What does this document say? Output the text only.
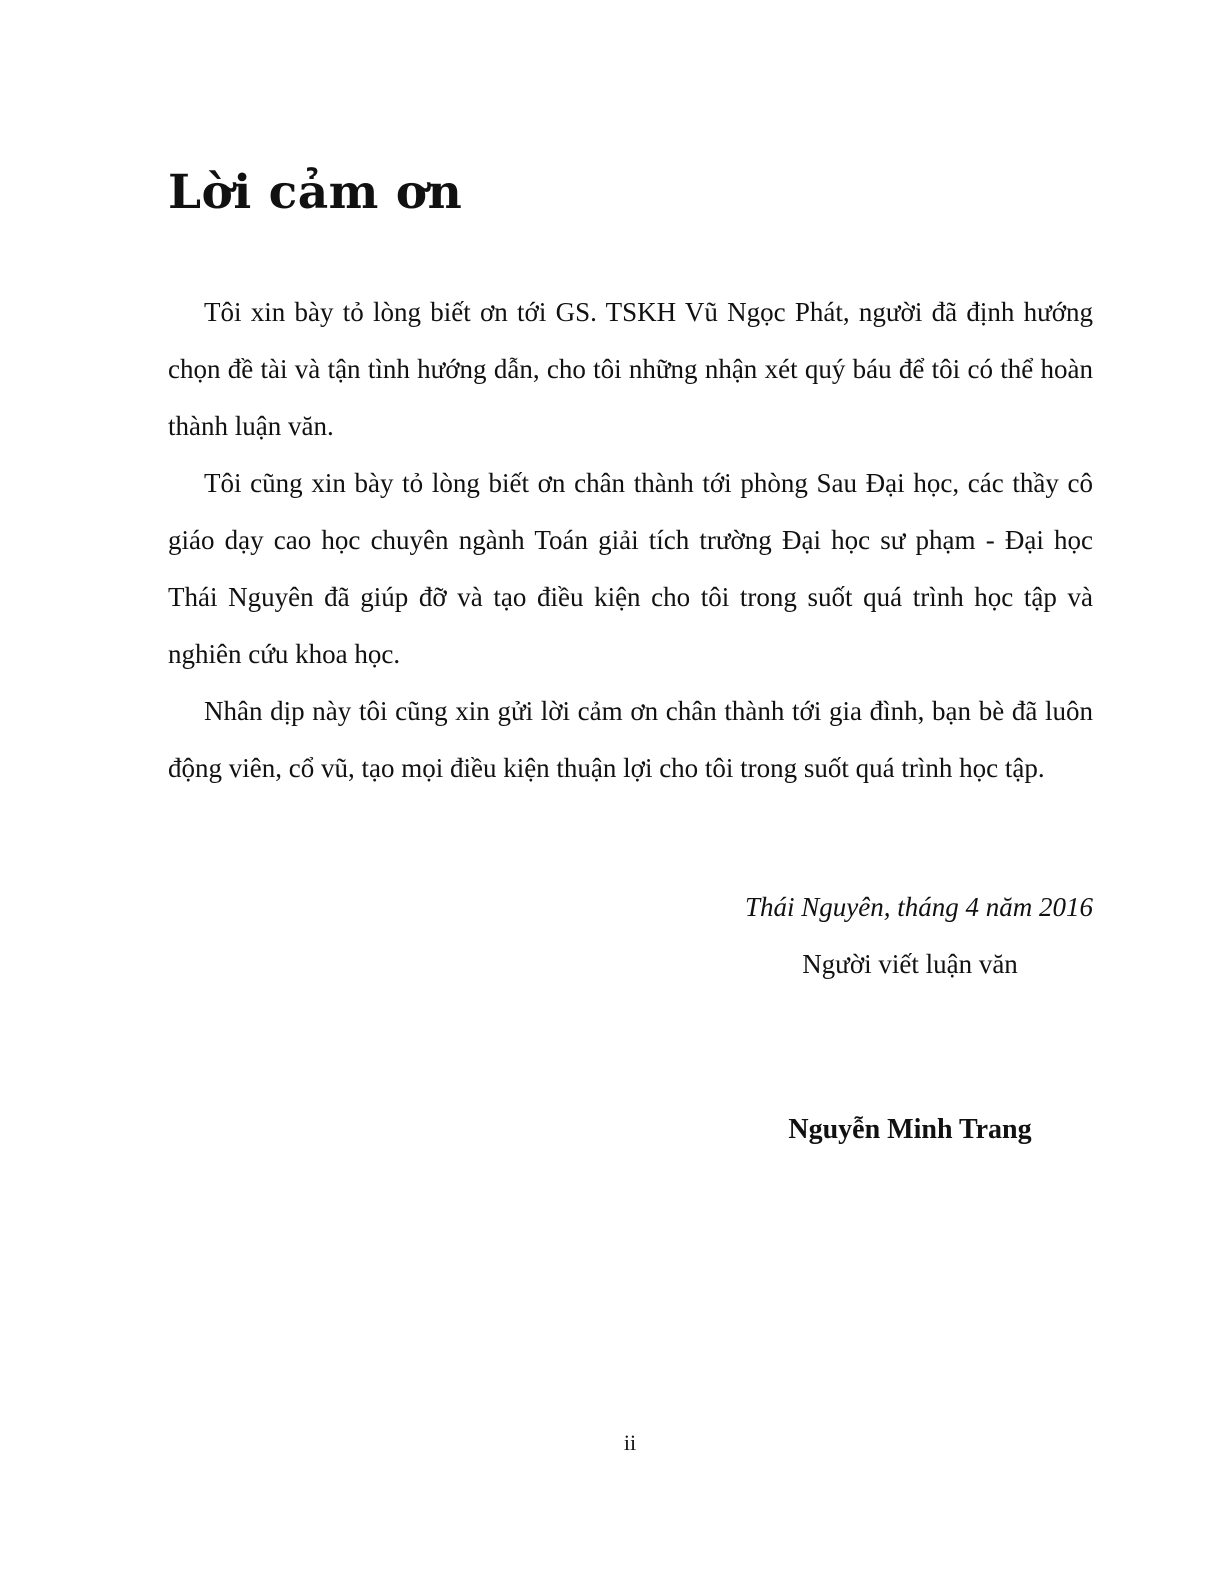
Lời cảm ơn

Tôi xin bày tỏ lòng biết ơn tới GS. TSKH Vũ Ngọc Phát, người đã định hướng chọn đề tài và tận tình hướng dẫn, cho tôi những nhận xét quý báu để tôi có thể hoàn thành luận văn.

Tôi cũng xin bày tỏ lòng biết ơn chân thành tới phòng Sau Đại học, các thầy cô giáo dạy cao học chuyên ngành Toán giải tích trường Đại học sư phạm - Đại học Thái Nguyên đã giúp đỡ và tạo điều kiện cho tôi trong suốt quá trình học tập và nghiên cứu khoa học.

Nhân dịp này tôi cũng xin gửi lời cảm ơn chân thành tới gia đình, bạn bè đã luôn động viên, cổ vũ, tạo mọi điều kiện thuận lợi cho tôi trong suốt quá trình học tập.

Thái Nguyên, tháng 4 năm 2016

Người viết luận văn

Nguyễn Minh Trang

ii
